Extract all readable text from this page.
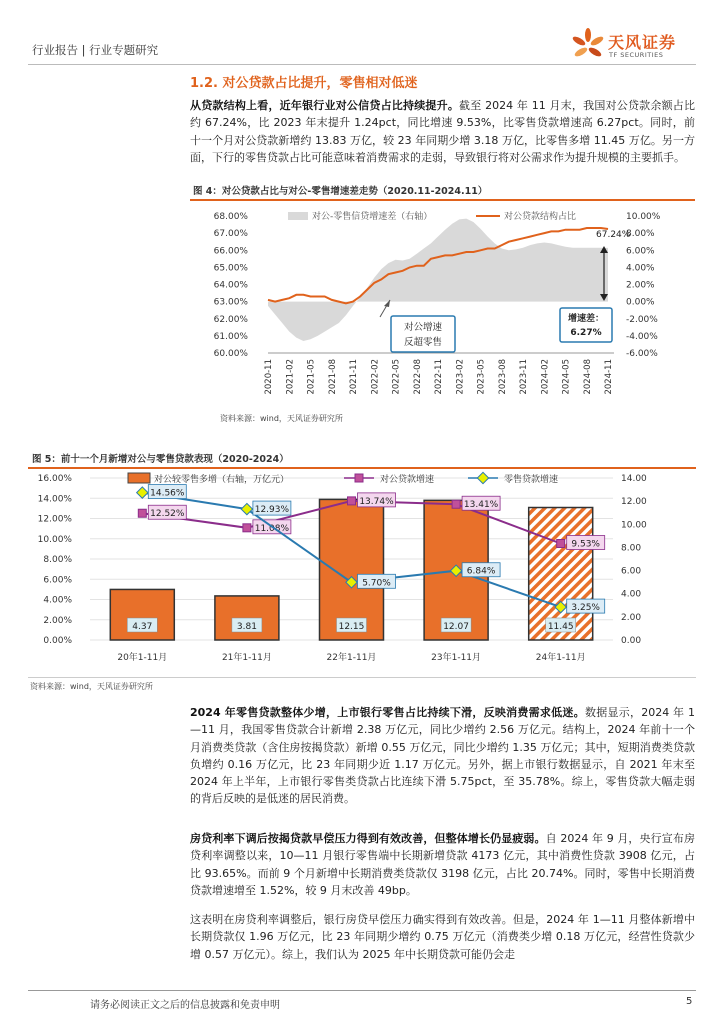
行业报告 | 行业专题研究	天风证券
TF SECURITIES
1.2. 对公贷款占比提升，零售相对低迷
从贷款结构上看，近年银行业对公信贷占比持续提升。截至 2024 年 11 月末，我国对公贷款余额占比约 67.24%，比 2023 年末提升 1.24pct，同比增速 9.53%，比零售贷款增速高 6.27pct。同时，前十一个月对公贷款新增约 13.83 万亿，较 23 年同期少增 3.18 万亿，比零售多增 11.45 万亿。另一方面，下行的零售贷款占比可能意味着消费需求的走弱，导致银行将对公需求作为提升规模的主要抓手。
图 4：对公贷款占比与对公-零售增速差走势（2020.11-2024.11）
60.00%
61.00%
62.00%
63.00%
64.00%
65.00%
66.00%
67.00%
68.00%
-6.00%
-4.00%
-2.00%
0.00%
2.00%
4.00%
6.00%
8.00%
10.00%
2020-11 2021-02 2021-05 2021-08 2021-11 2022-02 2022-05 2022-08 2022-11 2023-02 2023-05 2023-08 2023-11 2024-02 2024-05 2024-08 2024-11
对公-零售信贷增速差（右轴）	对公贷款结构占比
对公增速
反超零售
增速差：
6.27%
67.24%
资料来源：wind，天风证券研究所
图 5：前十一个月新增对公与零售贷款表现（2020-2024）
4.37	3.81	12.15	12.07	11.45
12.52%
11.08%
13.74%	13.41%
9.53%
14.56%
12.93%
5.70%
6.84%
3.25%
0.00%
2.00%
4.00%
6.00%
8.00%
10.00%
12.00%
14.00%
16.00%
0.00
2.00
4.00
6.00
8.00
10.00
12.00
14.00
20年1-11月	21年1-11月	22年1-11月	23年1-11月	24年1-11月
对公较零售多增（右轴，万亿元）	对公贷款增速	零售贷款增速
资料来源：wind，天风证券研究所
2024 年零售贷款整体少增，上市银行零售占比持续下滑，反映消费需求低迷。数据显示，2024 年 1—11 月，我国零售贷款合计新增 2.38 万亿元，同比少增约 2.56 万亿元。结构上，2024 年前十一个月消费类贷款（含住房按揭贷款）新增 0.55 万亿元，同比少增约 1.35 万亿元；其中，短期消费类贷款负增约 0.16 万亿元，比 23 年同期少近 1.17 万亿元。另外，据上市银行数据显示，自 2021 年末至 2024 年上半年，上市银行零售类贷款占比连续下滑 5.75pct，至 35.78%。综上，零售贷款大幅走弱的背后反映的是低迷的居民消费。
房贷利率下调后按揭贷款早偿压力得到有效改善，但整体增长仍显疲弱。自 2024 年 9 月，央行宣布房贷利率调整以来，10—11 月银行零售端中长期新增贷款 4173 亿元，其中消费性贷款 3908 亿元，占比 93.65%。而前 9 个月新增中长期消费类贷款仅 3198 亿元，占比 20.74%。同时，零售中长期消费贷款增速增至 1.52%，较 9 月末改善 49bp。
这表明在房贷利率调整后，银行房贷早偿压力确实得到有效改善。但是，2024 年 1—11 月整体新增中长期贷款仅 1.96 万亿元，比 23 年同期少增约 0.75 万亿元（消费类少增 0.18 万亿元，经营性贷款少增 0.57 万亿元）。综上，我们认为 2025 年中长期贷款可能仍会走
请务必阅读正文之后的信息披露和免责申明	5
